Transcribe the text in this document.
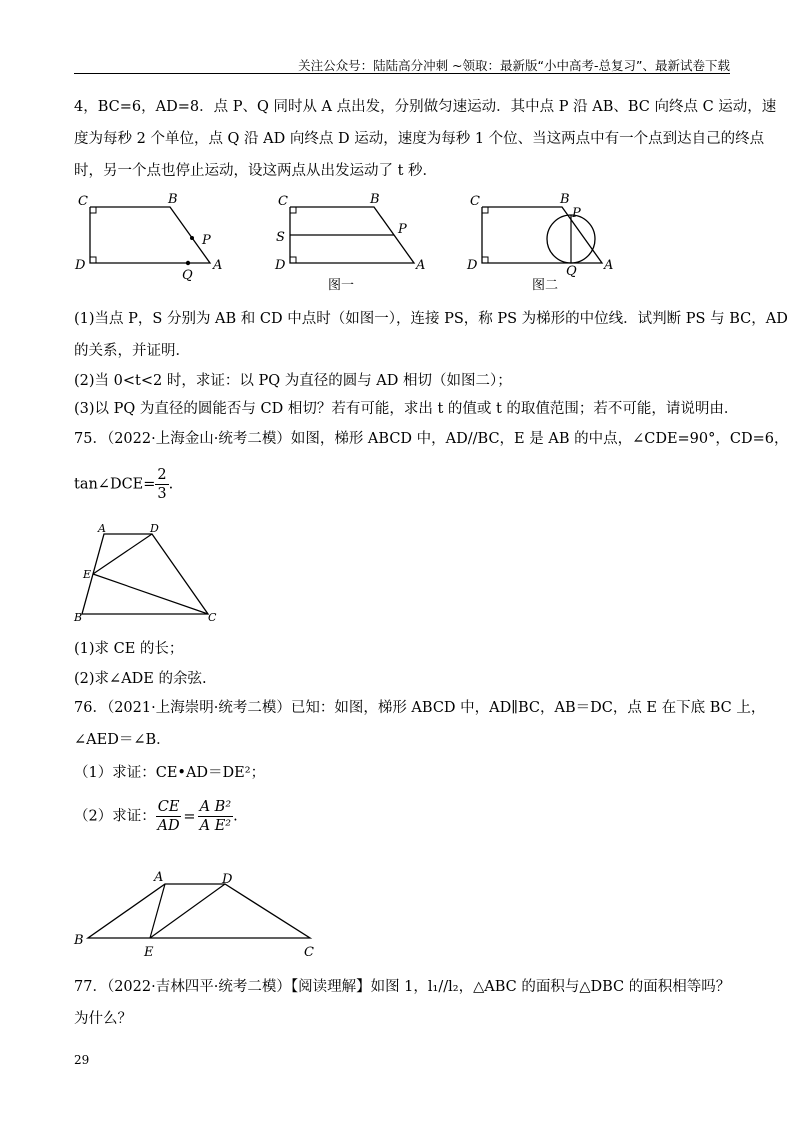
关注公众号：陆陆高分冲刺 ~领取：最新版“小中高考-总复习”、最新试卷下载
4，BC=6，AD=8．点 P、Q 同时从 A 点出发，分别做匀速运动．其中点 P 沿 AB、BC 向终点 C 运动，速
度为每秒 2 个单位，点 Q 沿 AD 向终点 D 运动，速度为每秒 1 个位、当这两点中有一个点到达自己的终点
时，另一个点也停止运动，设这两点从出发运动了 t 秒．
C	B
P
D
Q
A
C	B
S
P
D	A
图一
C	B
P
D	Q A
图二
(1)当点 P，S 分别为 AB 和 CD 中点时（如图一），连接 PS，称 PS 为梯形的中位线．试判断 PS 与 BC，AD
的关系，并证明．
(2)当 0<t<2 时，求证：以 PQ 为直径的圆与 AD 相切（如图二）；
(3)以 PQ 为直径的圆能否与 CD 相切？若有可能，求出 t 的值或 t 的取值范围；若不可能，请说明由．
75．（2022·上海金山·统考二模）如图，梯形 ABCD 中，AD//BC，E 是 AB 的中点，∠CDE=90°，CD=6，
tan∠DCE= $\frac{2}{3}$ .
A	D
E
B	C
(1)求 CE 的长；
(2)求∠ADE 的余弦.
76．（2021·上海崇明·统考二模）已知：如图，梯形 ABCD 中，AD∥BC，AB＝DC，点 E 在下底 BC 上，
∠AED＝∠B．
（1）求证：CE•AD＝DE²；
（2）求证： $\frac{CE}{AD} = \frac{\text{A B²}}{\text{A E²}}$ .
A	D
B
E	C
77．（2022·吉林四平·统考二模）【阅读理解】如图 1，l₁//l₂，△ABC 的面积与△DBC 的面积相等吗？
为什么？
29
